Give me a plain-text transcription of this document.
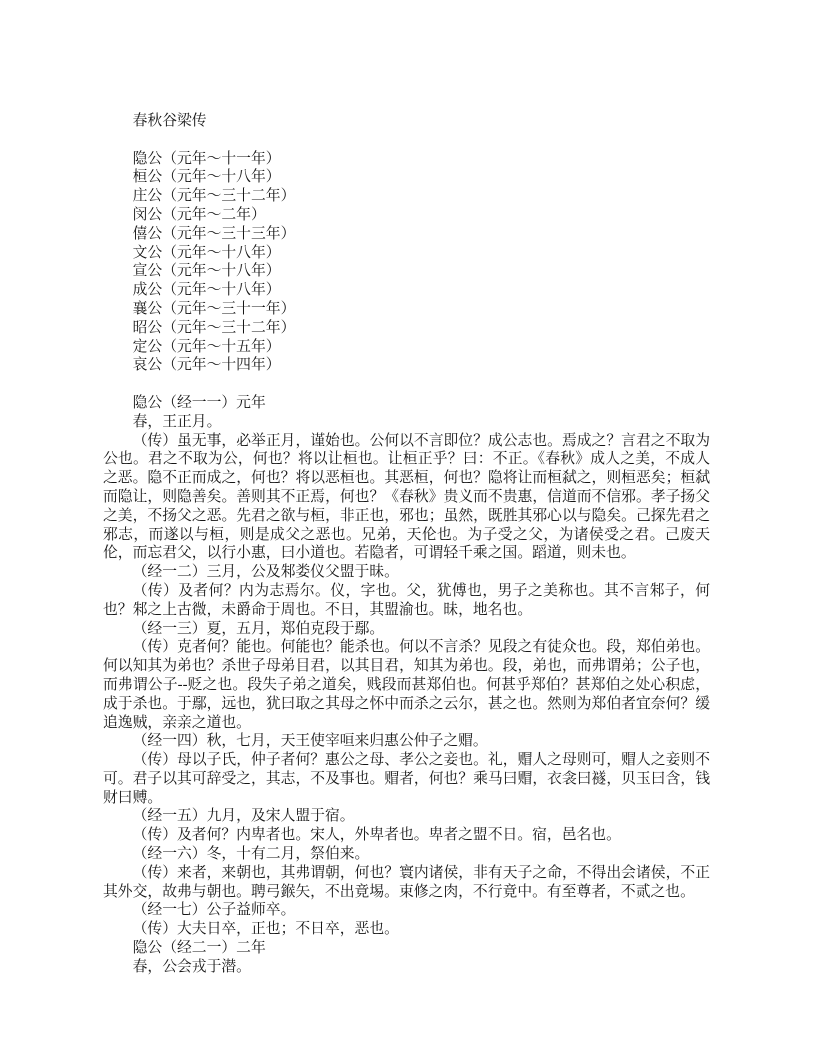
春秋谷梁传

隐公（元年～十一年）

桓公（元年～十八年）

庄公（元年～三十二年）

闵公（元年～二年）

僖公（元年～三十三年）

文公（元年～十八年）

宣公（元年～十八年）

成公（元年～十八年）

襄公（元年～三十一年）

昭公（元年～三十二年）

定公（元年～十五年）

哀公（元年～十四年）

隐公（经一一）元年

春，王正月。

（传）虽无事，必举正月，谨始也。公何以不言即位？成公志也。焉成之？言君之不取为公也。君之不取为公，何也？将以让桓也。让桓正乎？曰：不正。《春秋》成人之美，不成人之恶。隐不正而成之，何也？将以恶桓也。其恶桓，何也？隐将让而桓弑之，则桓恶矣；桓弑而隐让，则隐善矣。善则其不正焉，何也？《春秋》贵义而不贵惠，信道而不信邪。孝子扬父之美，不扬父之恶。先君之欲与桓，非正也，邪也；虽然，既胜其邪心以与隐矣。己探先君之邪志，而遂以与桓，则是成父之恶也。兄弟，天伦也。为子受之父，为诸侯受之君。己废天伦，而忘君父，以行小惠，曰小道也。若隐者，可谓轻千乘之国。蹈道，则未也。

（经一二）三月，公及邾娄仪父盟于昧。

（传）及者何？内为志焉尔。仪，字也。父，犹傅也，男子之美称也。其不言邾子，何也？邾之上古微，未爵命于周也。不日，其盟渝也。昧，地名也。

（经一三）夏，五月，郑伯克段于鄢。

（传）克者何？能也。何能也？能杀也。何以不言杀？见段之有徒众也。段，郑伯弟也。何以知其为弟也？杀世子母弟目君，以其目君，知其为弟也。段，弟也，而弗谓弟；公子也，而弗谓公子--贬之也。段失子弟之道矣，贱段而甚郑伯也。何甚乎郑伯？甚郑伯之处心积虑，成于杀也。于鄢，远也，犹曰取之其母之怀中而杀之云尔，甚之也。然则为郑伯者宜奈何？缓追逸贼，亲亲之道也。

（经一四）秋，七月，天王使宰咺来归惠公仲子之赗。

（传）母以子氏，仲子者何？惠公之母、孝公之妾也。礼，赗人之母则可，赗人之妾则不可。君子以其可辞受之，其志，不及事也。赗者，何也？乘马曰赗，衣衾曰襚，贝玉曰含，钱财曰赙。

（经一五）九月，及宋人盟于宿。

（传）及者何？内卑者也。宋人，外卑者也。卑者之盟不日。宿，邑名也。

（经一六）冬，十有二月，祭伯来。

（传）来者，来朝也，其弗谓朝，何也？寰内诸侯，非有天子之命，不得出会诸侯，不正其外交，故弗与朝也。聘弓鍭矢，不出竟埸。束修之肉，不行竟中。有至尊者，不贰之也。

（经一七）公子益师卒。

（传）大夫日卒，正也；不日卒，恶也。

隐公（经二一）二年

春，公会戎于潜。
